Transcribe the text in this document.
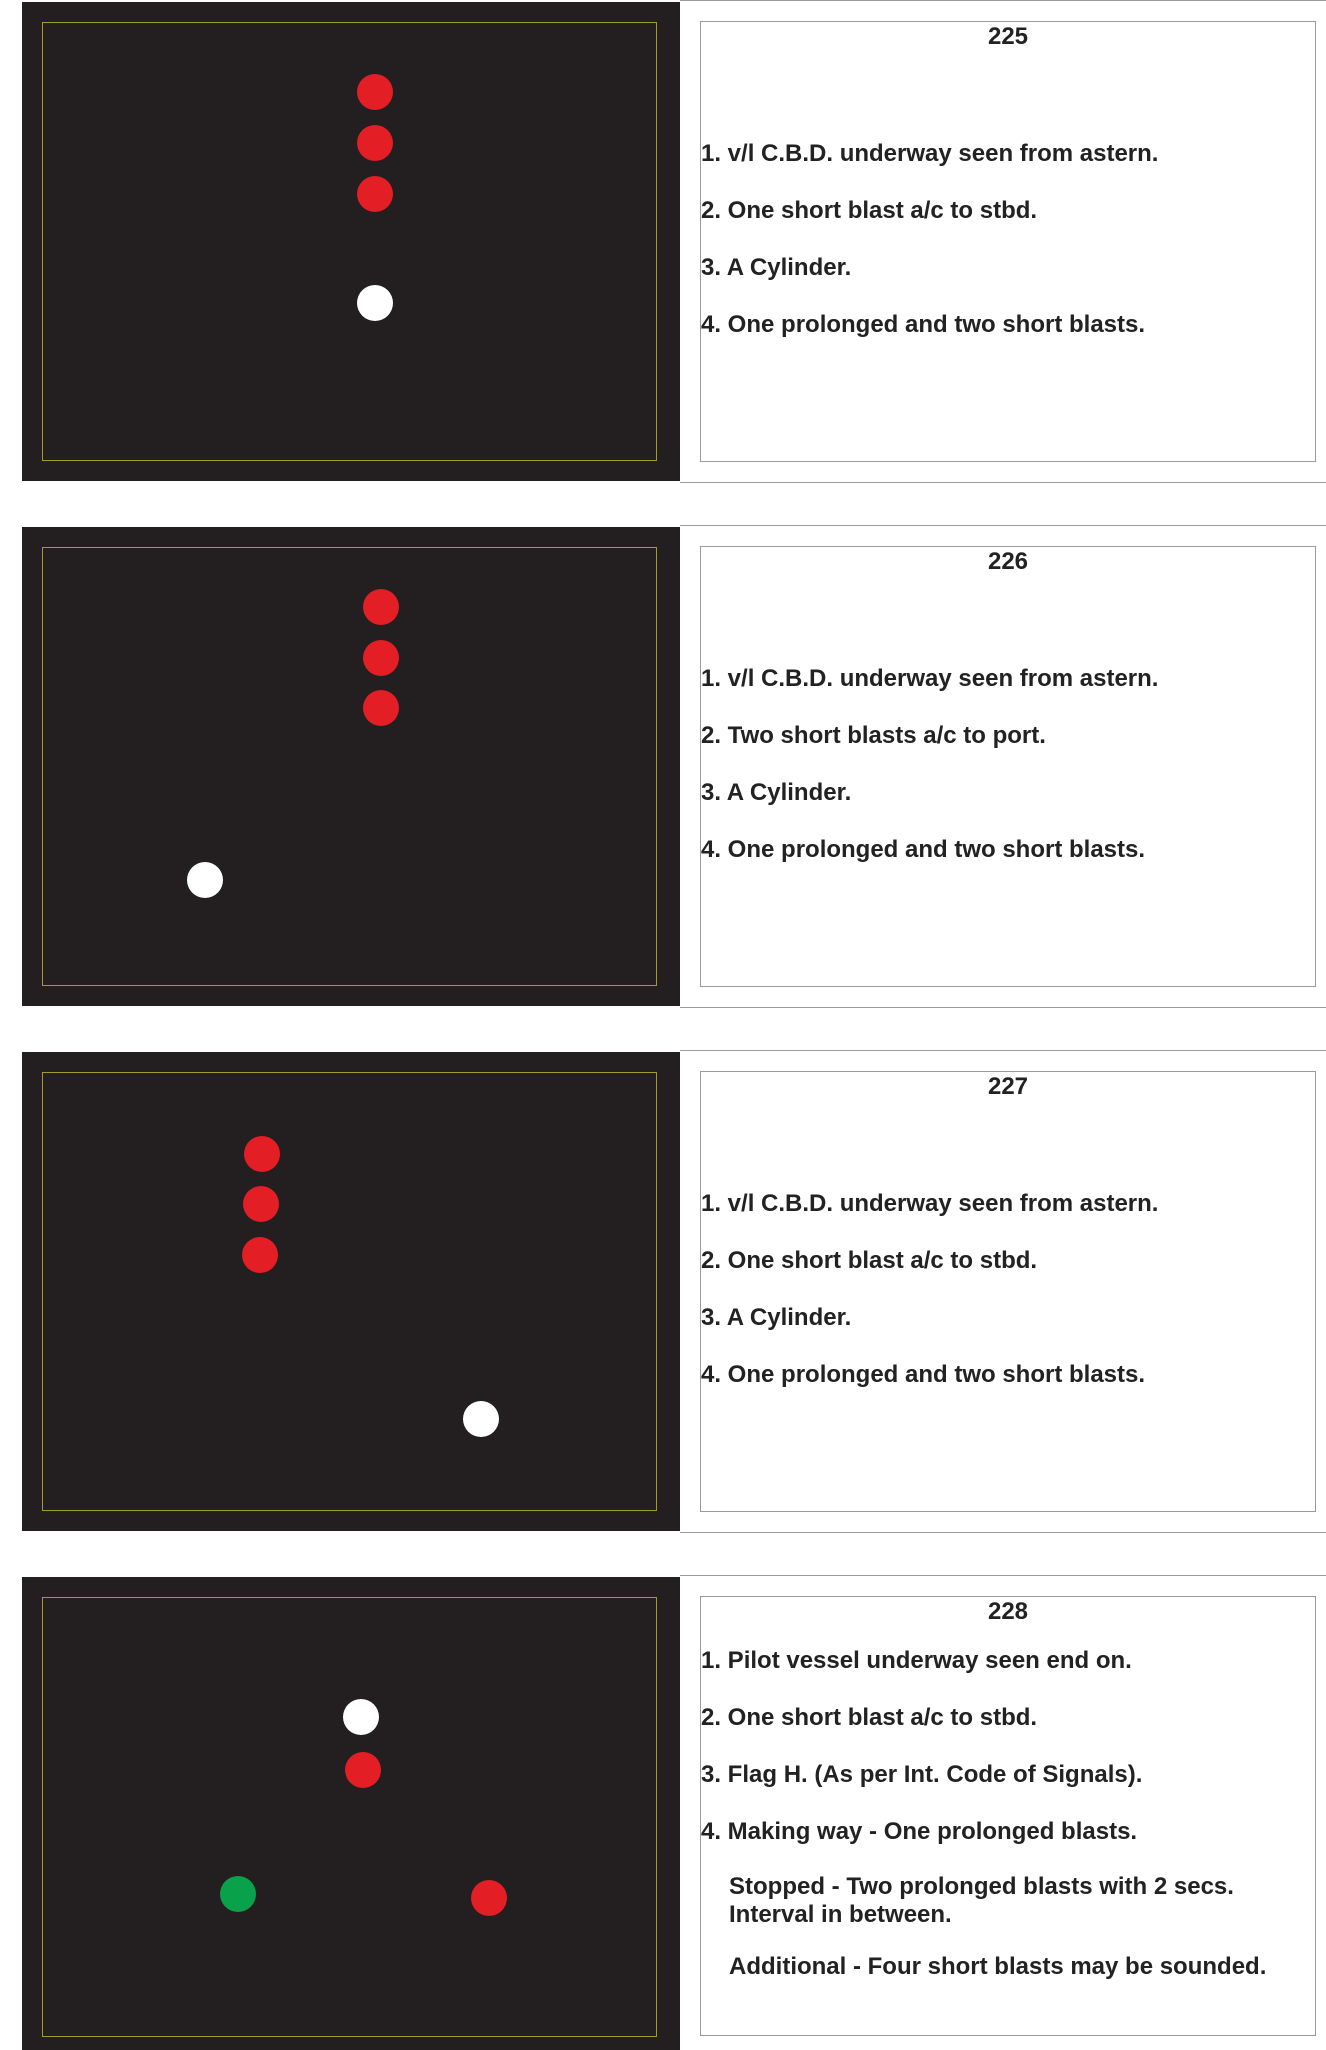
225
1. v/l C.B.D. underway seen from astern.
2. One short blast a/c to stbd.
3. A Cylinder.
4. One prolonged and two short blasts.
226
1. v/l C.B.D. underway seen from astern.
2. Two short blasts a/c to port.
3. A Cylinder.
4. One prolonged and two short blasts.
227
1. v/l C.B.D. underway seen from astern.
2. One short blast a/c to stbd.
3. A Cylinder.
4. One prolonged and two short blasts.
228
1. Pilot vessel underway seen end on.
2. One short blast a/c to stbd.
3. Flag H. (As per Int. Code of Signals).
4. Making way - One prolonged blasts.
Stopped - Two prolonged blasts with 2 secs. Interval in between.
Additional - Four short blasts may be sounded.
